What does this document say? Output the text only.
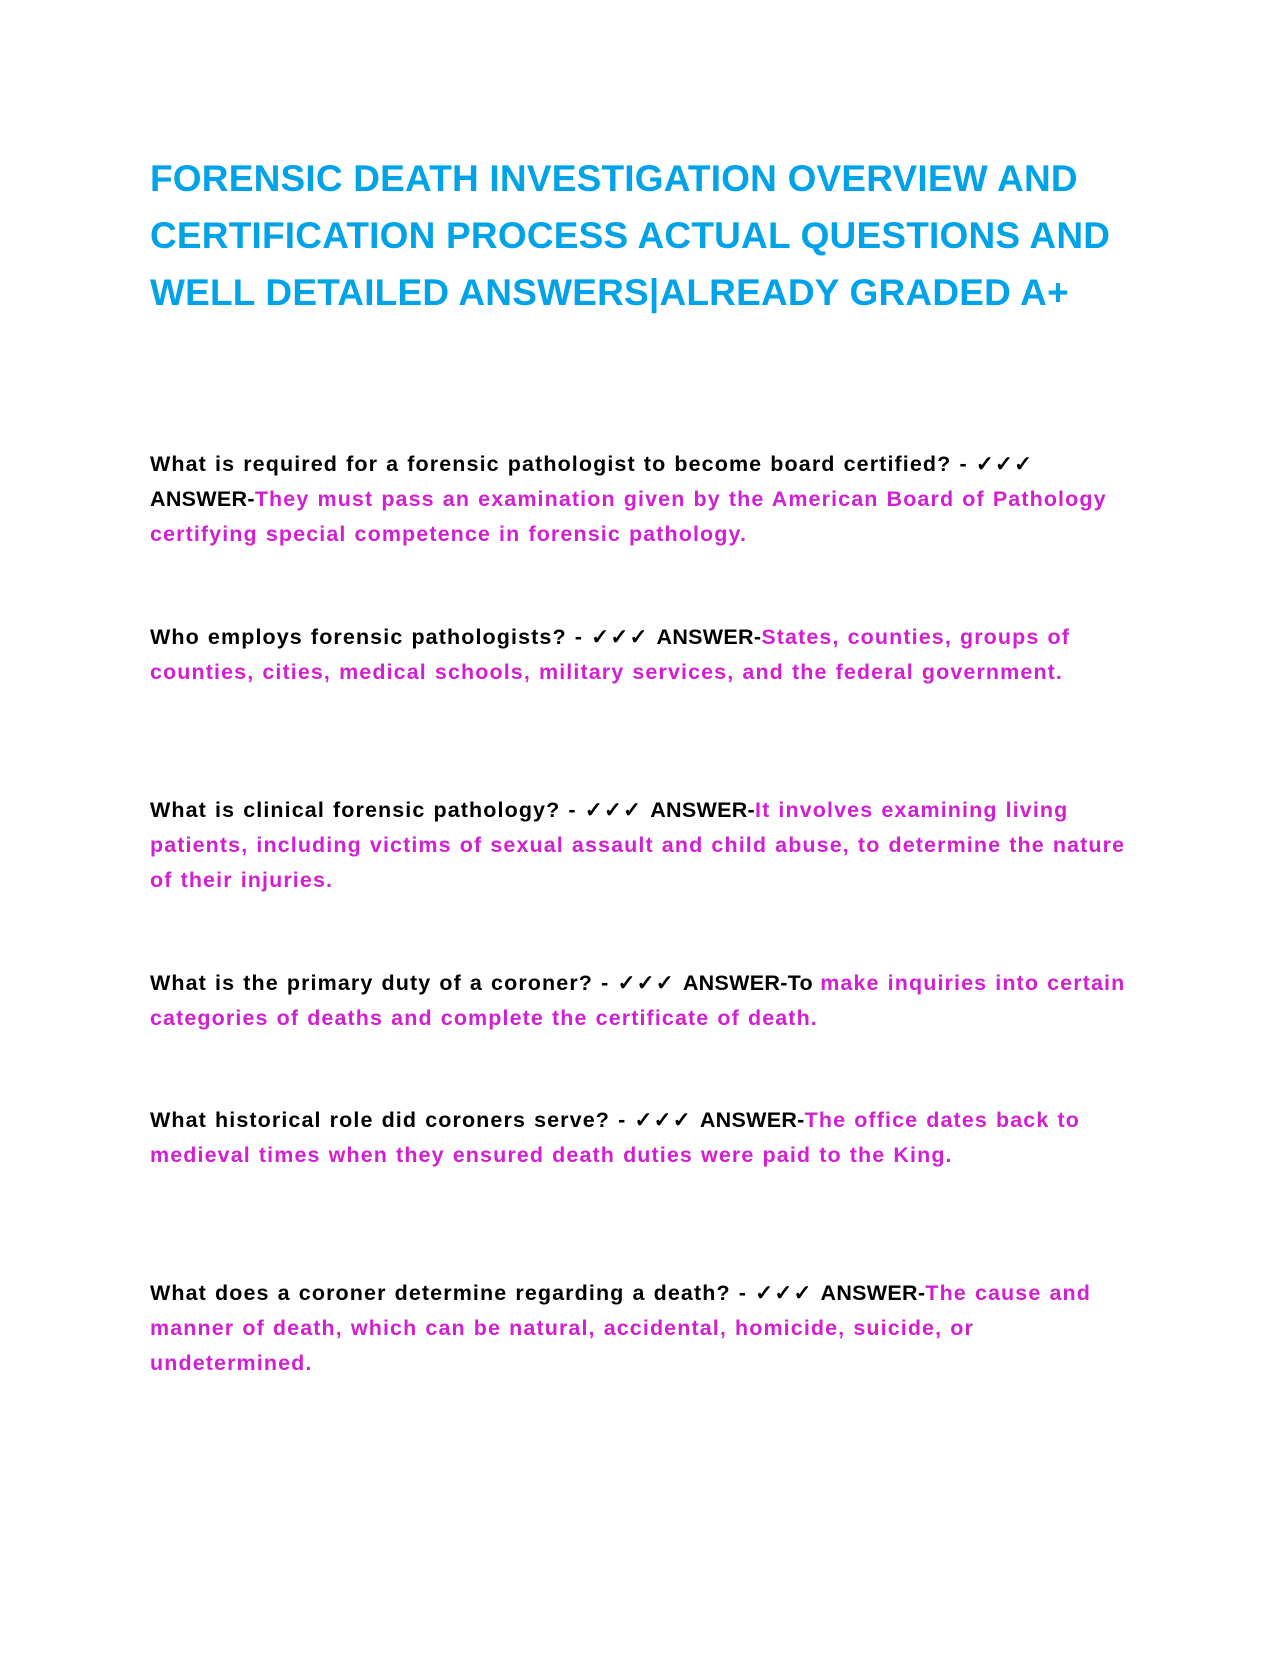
FORENSIC DEATH INVESTIGATION OVERVIEW AND CERTIFICATION PROCESS ACTUAL QUESTIONS AND WELL DETAILED ANSWERS|ALREADY GRADED A+

What is required for a forensic pathologist to become board certified? - ✓✓✓ ANSWER-They must pass an examination given by the American Board of Pathology certifying special competence in forensic pathology.

Who employs forensic pathologists? - ✓✓✓ ANSWER-States, counties, groups of counties, cities, medical schools, military services, and the federal government.

What is clinical forensic pathology? - ✓✓✓ ANSWER-It involves examining living patients, including victims of sexual assault and child abuse, to determine the nature of their injuries.

What is the primary duty of a coroner? - ✓✓✓ ANSWER-To make inquiries into certain categories of deaths and complete the certificate of death.

What historical role did coroners serve? - ✓✓✓ ANSWER-The office dates back to medieval times when they ensured death duties were paid to the King.

What does a coroner determine regarding a death? - ✓✓✓ ANSWER-The cause and manner of death, which can be natural, accidental, homicide, suicide, or undetermined.
